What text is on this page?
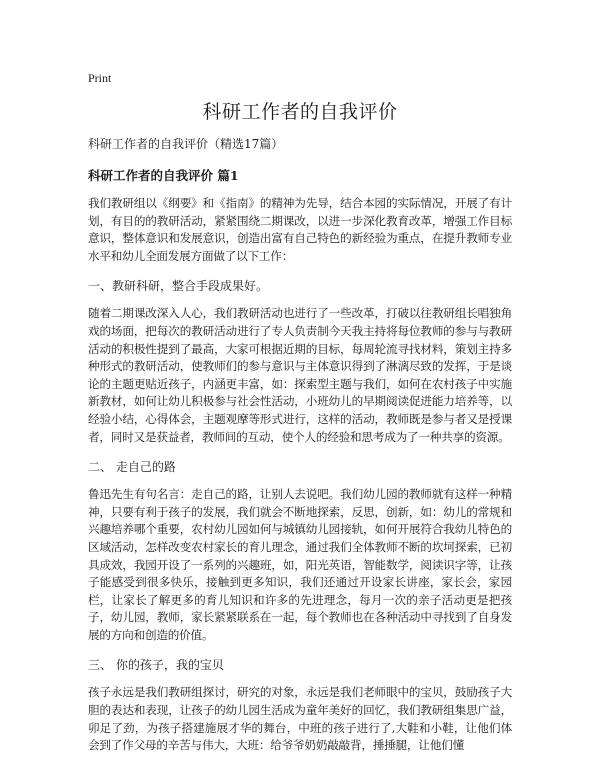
Print
科研工作者的自我评价
科研工作者的自我评价（精选17篇）
科研工作者的自我评价 篇1

我们教研组以《纲要》和《指南》的精神为先导，结合本园的实际情况，开展了有计划，有目的的教研活动，紧紧围绕二期课改，以进一步深化教育改革，增强工作目标意识，整体意识和发展意识，创造出富有自己特色的新经验为重点，在提升教师专业水平和幼儿全面发展方面做了以下工作：

一、教研科研，整合手段成果好。

随着二期课改深入人心，我们教研活动也进行了一些改革，打破以往教研组长唱独角戏的场面，把每次的教研活动进行了专人负责制今天我主持将每位教师的参与与教研活动的积极性提到了最高，大家可根据近期的目标，每周轮流寻找材料，策划主持多种形式的教研活动，使教师们的参与意识与主体意识得到了淋漓尽致的发挥，于是谈论的主题更贴近孩子，内涵更丰富，如：探索型主题与我们，如何在农村孩子中实施新教材，如何让幼儿积极参与社会性活动，小班幼儿的早期阅读促进能力培养等，以经验小结，心得体会，主题观摩等形式进行，这样的活动，教师既是参与者又是授课者，同时又是获益者，教师间的互动，使个人的经验和思考成为了一种共享的资源。

二、 走自己的路

鲁迅先生有句名言：走自己的路，让别人去说吧。我们幼儿园的教师就有这样一种精神，只要有利于孩子的发展，我们就会不断地探索，反思，创新，如：幼儿的常规和兴趣培养哪个重要，农村幼儿园如何与城镇幼儿园接轨，如何开展符合我幼儿特色的区域活动，怎样改变农村家长的育儿理念，通过我们全体教师不断的坎坷探索，已初具成效，我园开设了一系列的兴趣班，如，阳光英语，智能数学，阅读识字等，让孩子能感受到很多快乐，接触到更多知识，我们还通过开设家长讲座，家长会，家园栏，让家长了解更多的育儿知识和许多的先进理念，每月一次的亲子活动更是把孩子，幼儿园，教师，家长紧紧联系在一起，每个教师也在各种活动中寻找到了自身发展的方向和创造的价值。

三、 你的孩子，我的宝贝

孩子永远是我们教研组探讨，研究的对象，永远是我们老师眼中的宝贝，鼓励孩子大胆的表达和表现，让孩子的幼儿园生活成为童年美好的回忆，我们教研组集思广益，卯足了劲，为孩子搭建施展才华的舞台，中班的孩子进行了,大鞋和小鞋，让他们体会到了作父母的辛苦与伟大，大班：给爷爷奶奶敲敲背，捶捶腿，让他们懂
